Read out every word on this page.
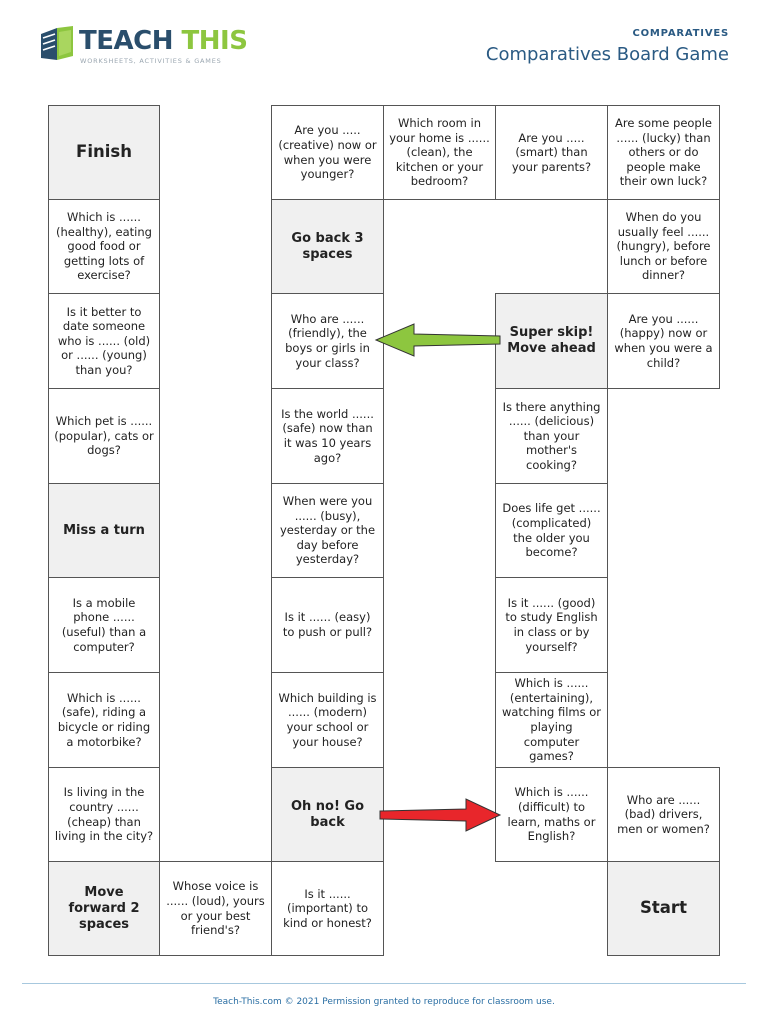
TEACH THIS
WORKSHEETS, ACTIVITIES & GAMES
COMPARATIVES
Comparatives Board Game
Finish
Which is ...... (healthy), eating good food or getting lots of exercise?
Is it better to date someone who is ...... (old) or ...... (young) than you?
Which pet is ...... (popular), cats or dogs?
Miss a turn
Is a mobile phone ...... (useful) than a computer?
Which is ...... (safe), riding a bicycle or riding a motorbike?
Is living in the country ...... (cheap) than living in the city?
Move forward 2 spaces
Whose voice is ...... (loud), yours or your best friend's?
Are you ..... (creative) now or when you were younger?
Go back 3 spaces
Who are ...... (friendly), the boys or girls in your class?
Is the world ...... (safe) now than it was 10 years ago?
When were you ...... (busy), yesterday or the day before yesterday?
Is it ...... (easy) to push or pull?
Which building is ...... (modern) your school or your house?
Oh no! Go back
Is it ...... (important) to kind or honest?
Which room in your home is ...... (clean), the kitchen or your bedroom?
Are you ..... (smart) than your parents?
Super skip! Move ahead
Is there anything ...... (delicious) than your mother's cooking?
Does life get ...... (complicated) the older you become?
Is it ...... (good) to study English in class or by yourself?
Which is ...... (entertaining), watching films or playing computer games?
Which is ...... (difficult) to learn, maths or English?
Are some people ...... (lucky) than others or do people make their own luck?
When do you usually feel ...... (hungry), before lunch or before dinner?
Are you ...... (happy) now or when you were a child?
Who are ...... (bad) drivers, men or women?
Start
Teach-This.com © 2021 Permission granted to reproduce for classroom use.
